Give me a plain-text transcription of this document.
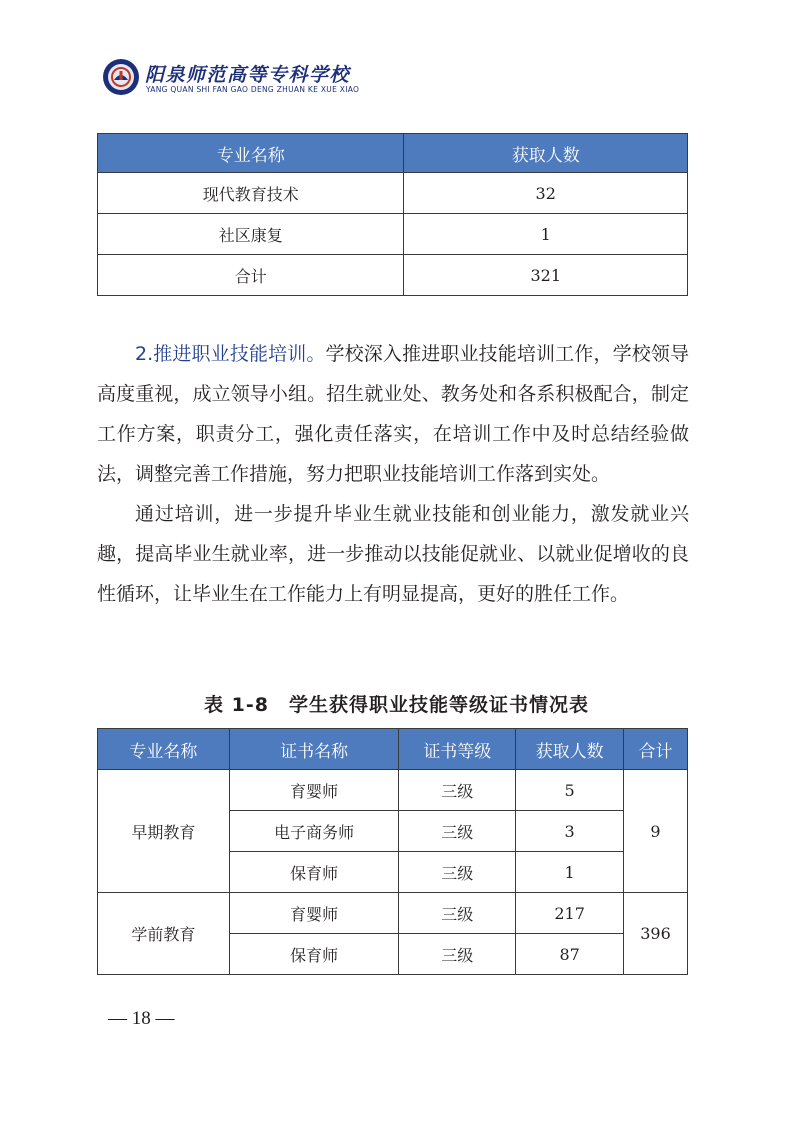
阳泉师范高等专科学校
YANG QUAN SHI FAN GAO DENG ZHUAN KE XUE XIAO
专业名称	获取人数
现代教育技术	32
社区康复	1
合计	321

2.推进职业技能培训。学校深入推进职业技能培训工作，学校领导高度重视，成立领导小组。招生就业处、教务处和各系积极配合，制定工作方案，职责分工，强化责任落实，在培训工作中及时总结经验做法，调整完善工作措施，努力把职业技能培训工作落到实处。

通过培训，进一步提升毕业生就业技能和创业能力，激发就业兴趣，提高毕业生就业率，进一步推动以技能促就业、以就业促增收的良性循环，让毕业生在工作能力上有明显提高，更好的胜任工作。

表 1-8　学生获得职业技能等级证书情况表
专业名称	证书名称	证书等级	获取人数	合计
早期教育	育婴师	三级	5	9
	电子商务师	三级	3	
	保育师	三级	1	
学前教育	育婴师	三级	217	396
	保育师	三级	87	
— 18 —
